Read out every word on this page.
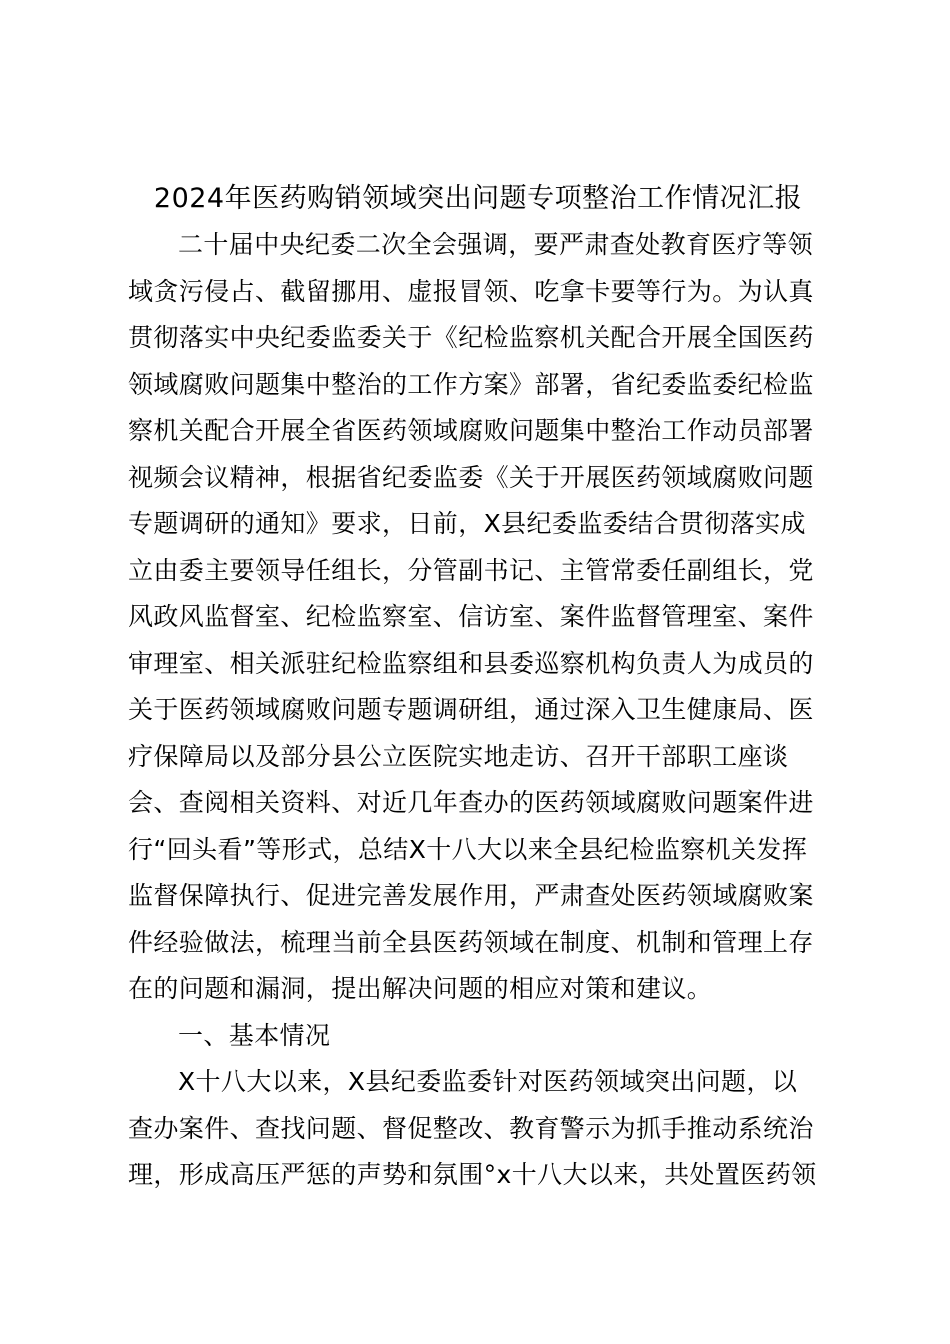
2024年医药购销领域突出问题专项整治工作情况汇报
二十届中央纪委二次全会强调，要严肃查处教育医疗等领
域贪污侵占、截留挪用、虚报冒领、吃拿卡要等行为。为认真
贯彻落实中央纪委监委关于《纪检监察机关配合开展全国医药
领域腐败问题集中整治的工作方案》部署，省纪委监委纪检监
察机关配合开展全省医药领域腐败问题集中整治工作动员部署
视频会议精神，根据省纪委监委《关于开展医药领域腐败问题
专题调研的通知》要求，日前，X县纪委监委结合贯彻落实成
立由委主要领导任组长，分管副书记、主管常委任副组长，党
风政风监督室、纪检监察室、信访室、案件监督管理室、案件
审理室、相关派驻纪检监察组和县委巡察机构负责人为成员的
关于医药领域腐败问题专题调研组，通过深入卫生健康局、医
疗保障局以及部分县公立医院实地走访、召开干部职工座谈
会、查阅相关资料、对近几年查办的医药领域腐败问题案件进
行“回头看”等形式，总结X十八大以来全县纪检监察机关发挥
监督保障执行、促进完善发展作用，严肃查处医药领域腐败案
件经验做法，梳理当前全县医药领域在制度、机制和管理上存
在的问题和漏洞，提出解决问题的相应对策和建议。
一、基本情况
X十八大以来，X县纪委监委针对医药领域突出问题，以
查办案件、查找问题、督促整改、教育警示为抓手推动系统治
理，形成高压严惩的声势和氛围°x十八大以来，共处置医药领
